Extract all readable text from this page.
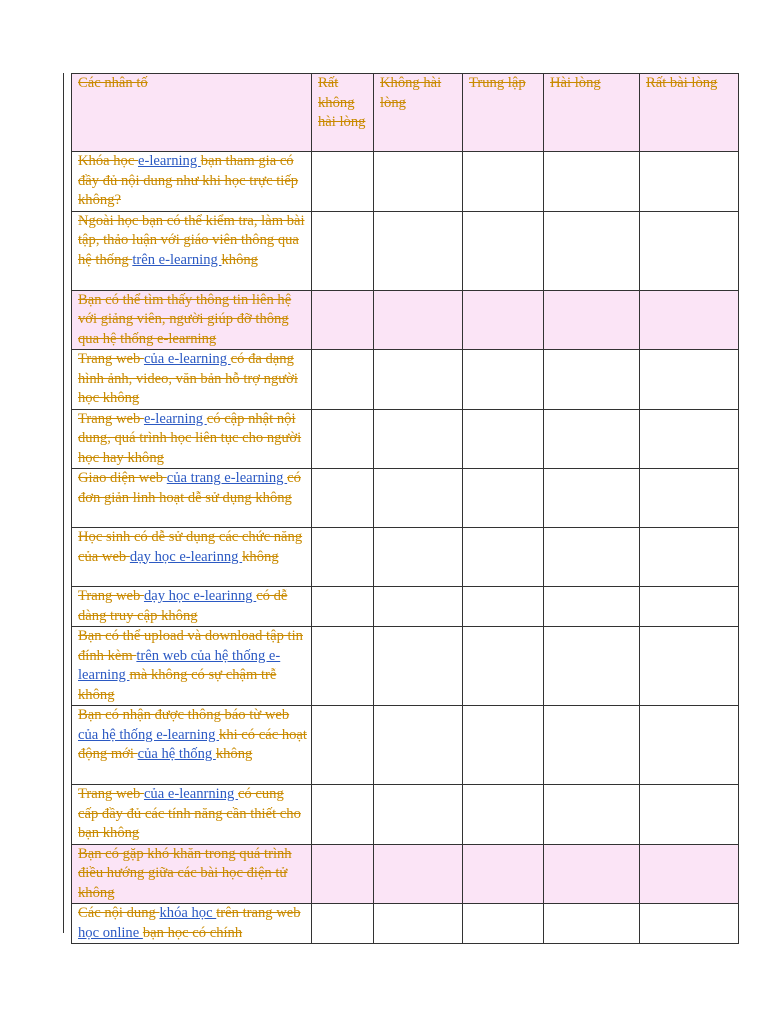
Các nhân tố	Rất không hài lòng	Không hài lòng	Trung lập	Hài lòng	Rất bài lòng
Khóa học e-learning bạn tham gia có đầy đủ nội dung như khi học trực tiếp không?					
Ngoài học bạn có thể kiểm tra, làm bài tập, thảo luận với giáo viên thông qua hệ thống trên e-learning không					
Bạn có thể tìm thấy thông tin liên hệ với giảng viên, người giúp đỡ thông qua hệ thống e-learning					
Trang web của e-learning có đa dạng hình ảnh, video, văn bản hỗ trợ người học không					
Trang web e-learning có cập nhật nội dung, quá trình học liên tục cho người học hay không					
Giao diện web của trang e-learning có đơn giản linh hoạt dễ sử dụng không					
Học sinh có dễ sử dụng các chức năng của web dạy học e-learinng không					
Trang web dạy học e-learinng có dễ dàng truy cập không					
Bạn có thể upload và download tập tin đính kèm trên web của hệ thống e-learning mà không có sự chậm trễ không					
Bạn có nhận được thông báo từ web của hệ thống e-learning khi có các hoạt động mới của hệ thống không					
Trang web của e-leanrning có cung cấp đầy đủ các tính năng cần thiết cho bạn không					
Bạn có gặp khó khăn trong quá trình điều hướng giữa các bài học điện tử không					
Các nội dung khóa học trên trang web học online bạn học có chính					
